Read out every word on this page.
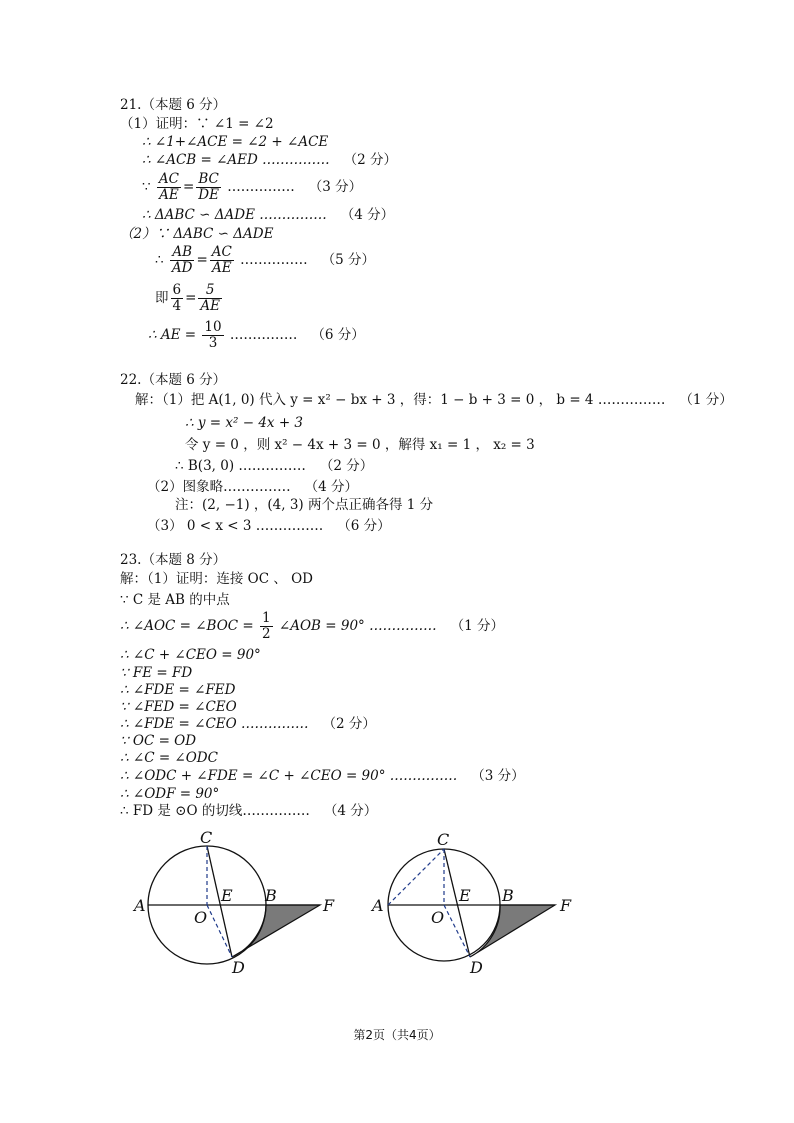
21.（本题 6 分）
（1）证明：∵ ∠1 = ∠2
∴ ∠1+∠ACE = ∠2 + ∠ACE
∴ ∠ACB = ∠AED …………… （2 分）
∵ $\frac{AC}{AE} = \frac{BC}{DE}$ …………… （3 分）
∴ ΔABC ∽ ΔADE …………… （4 分）
（2）∵ ΔABC ∽ ΔADE
∴ $\frac{AB}{AD} = \frac{AC}{AE}$ …………… （5 分）
即 $\frac{6}{4} = \frac{5}{AE}$
∴ AE = $\frac{10}{3}$ …………… （6 分）
22.（本题 6 分）
解：（1）把 A(1, 0) 代入 y = x² − bx + 3 ，得：1 − b + 3 = 0 ， b = 4 …………… （1 分）
∴ y = x² − 4x + 3
令 y = 0 ，则 x² − 4x + 3 = 0 ，解得 x₁ = 1 ， x₂ = 3
∴ B(3, 0) …………… （2 分）
（2）图象略…………… （4 分）
注：(2, −1) ，(4, 3) 两个点正确各得 1 分
（3） 0 < x < 3 …………… （6 分）
23.（本题 8 分）
解：（1）证明：连接 OC 、 OD
∵ C 是 AB 的中点
∴ ∠AOC = ∠BOC = $\frac{1}{2}$ ∠AOB = 90° …………… （1 分）
∴ ∠C + ∠CEO = 90°
∵ FE = FD
∴ ∠FDE = ∠FED
∵ ∠FED = ∠CEO
∴ ∠FDE = ∠CEO …………… （2 分）
∵ OC = OD
∴ ∠C = ∠ODC
∴ ∠ODC + ∠FDE = ∠C + ∠CEO = 90° …………… （3 分）
∴ ∠ODF = 90°
∴ FD 是 ⊙O 的切线…………… （4 分）
C
A
E B
F
O
D
C
A
E B
F
O
D
第2页（共4页）
